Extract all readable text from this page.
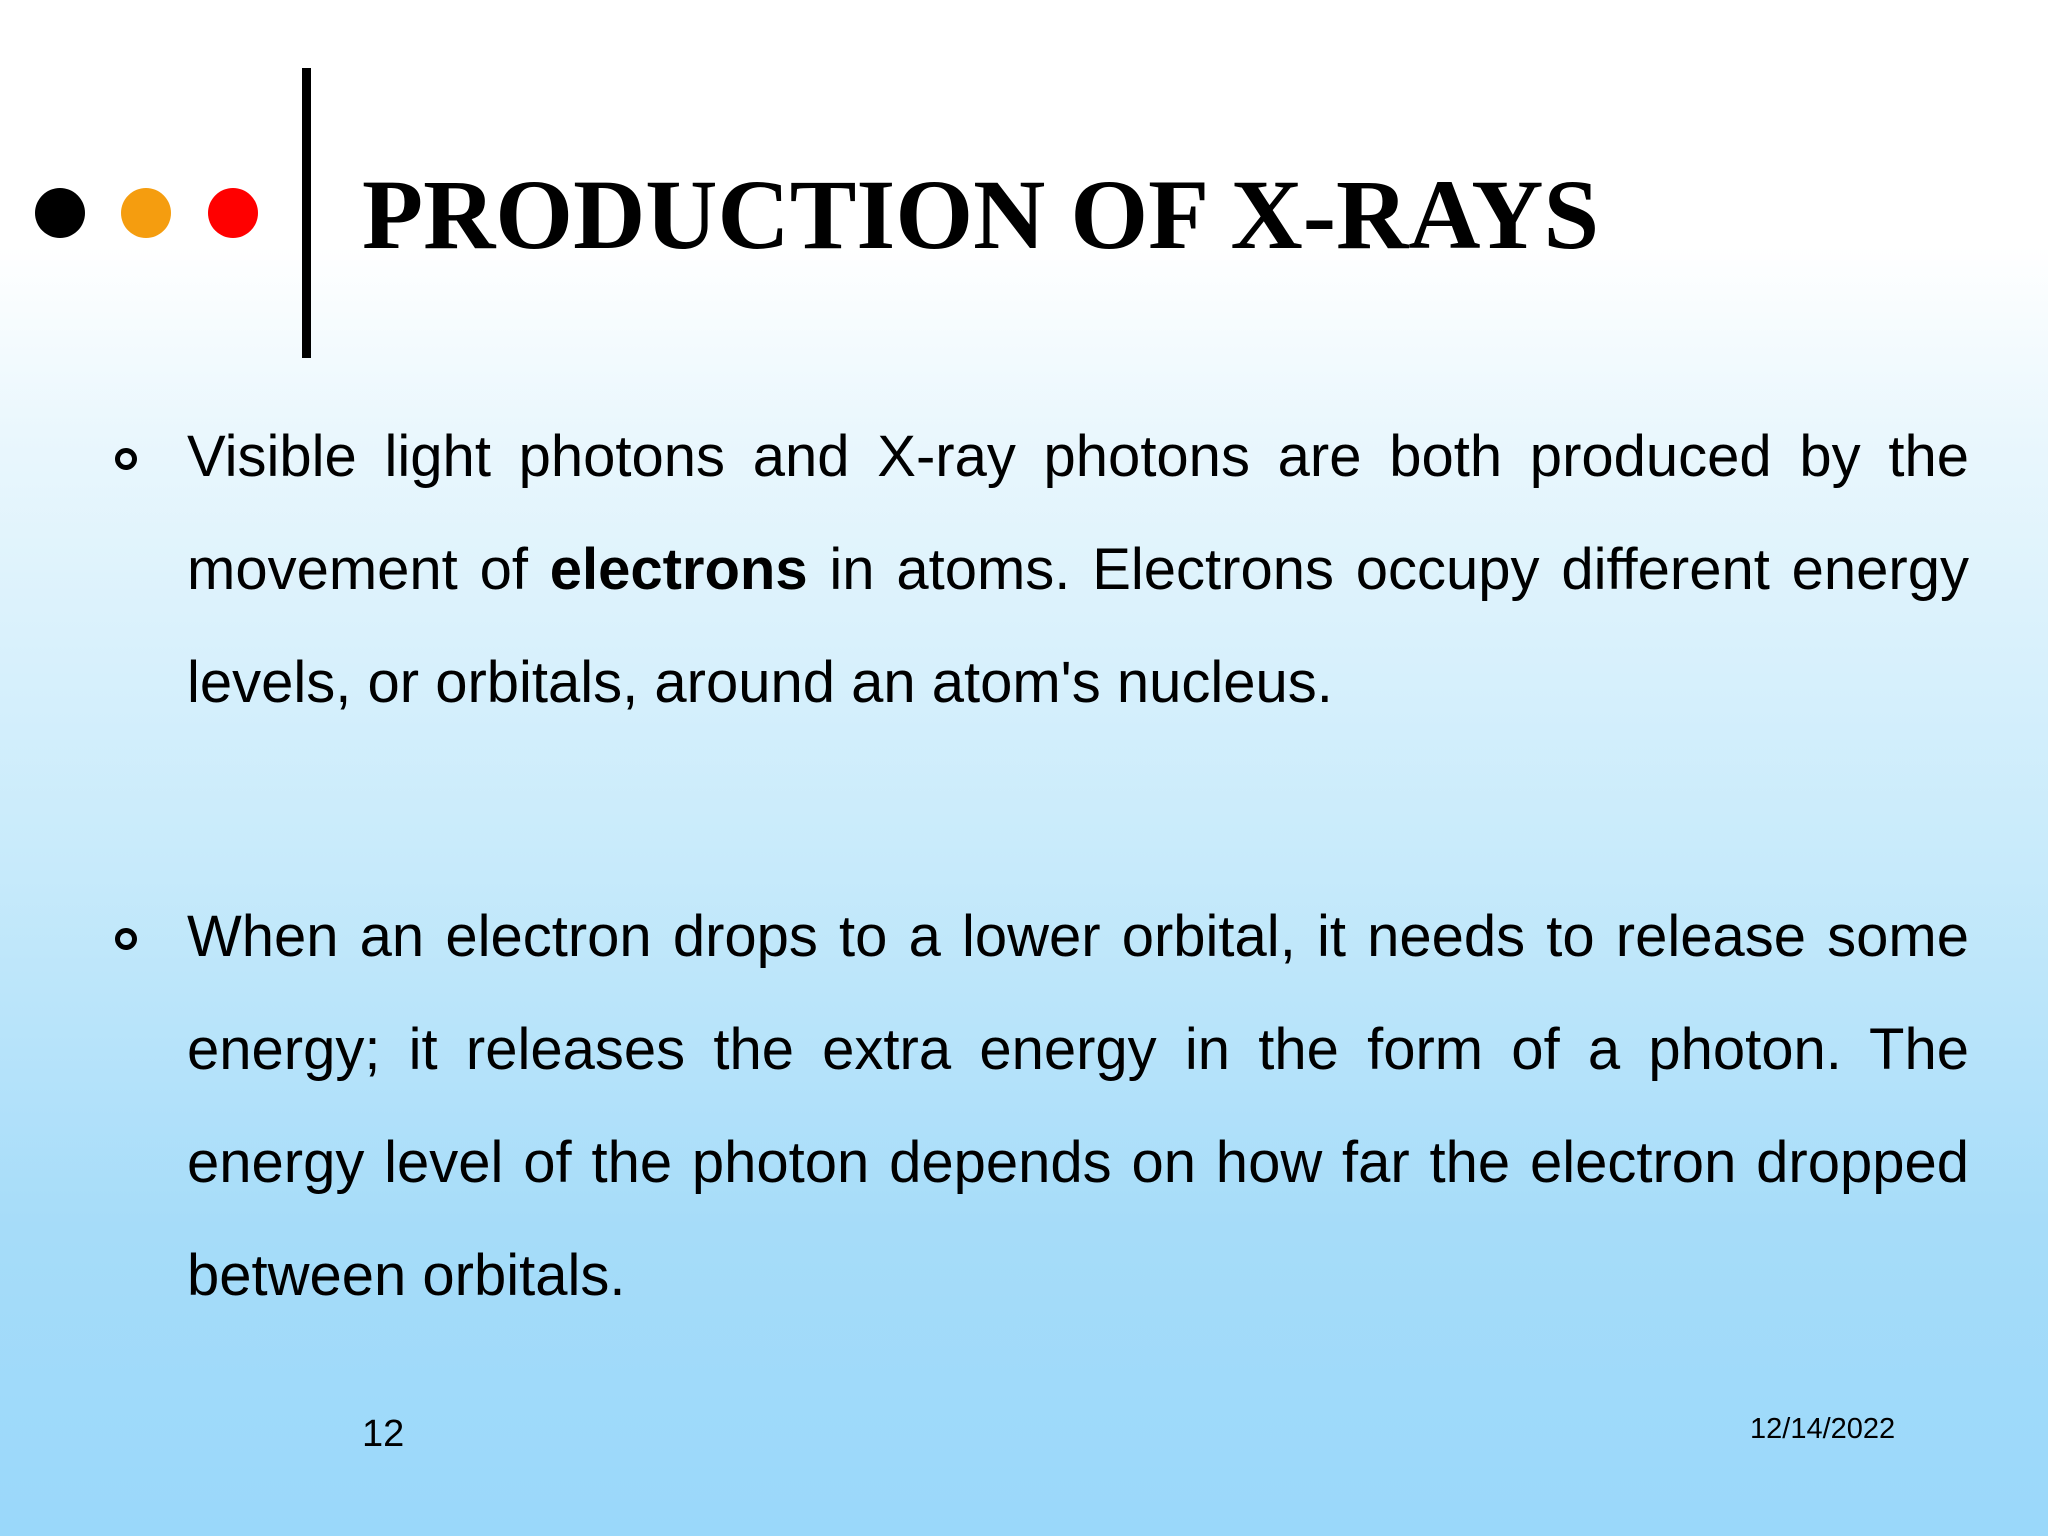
PRODUCTION OF X-RAYS

Visible light photons and X-ray photons are both produced by the movement of electrons in atoms. Electrons occupy different energy levels, or orbitals, around an atom's nucleus.

When an electron drops to a lower orbital, it needs to release some energy; it releases the extra energy in the form of a photon. The energy level of the photon depends on how far the electron dropped between orbitals.

12	12/14/2022
